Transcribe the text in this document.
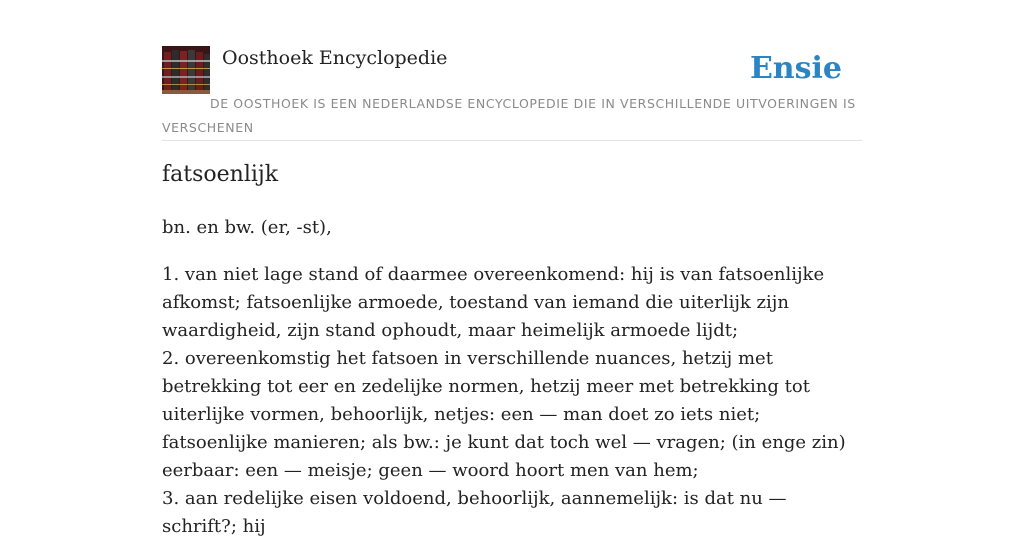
Oosthoek Encyclopedie	Ensie
DE OOSTHOEK IS EEN NEDERLANDSE ENCYCLOPEDIE DIE IN VERSCHILLENDE UITVOERINGEN IS VERSCHENEN
fatsoenlijk

bn. en bw. (er, -st),

1. van niet lage stand of daarmee overeenkomend: hij is van fatsoenlijke afkomst; fatsoenlijke armoede, toestand van iemand die uiterlijk zijn waardigheid, zijn stand ophoudt, maar heimelijk armoede lijdt;

2. overeenkomstig het fatsoen in verschillende nuances, hetzij met betrekking tot eer en zedelijke normen, hetzij meer met betrekking tot uiterlijke vormen, behoorlijk, netjes: een — man doet zo iets niet; fatsoenlijke manieren; als bw.: je kunt dat toch wel — vragen; (in enge zin) eerbaar: een — meisje; geen — woord hoort men van hem;

3. aan redelijke eisen voldoend, behoorlijk, aannemelijk: is dat nu — schrift?; hij
